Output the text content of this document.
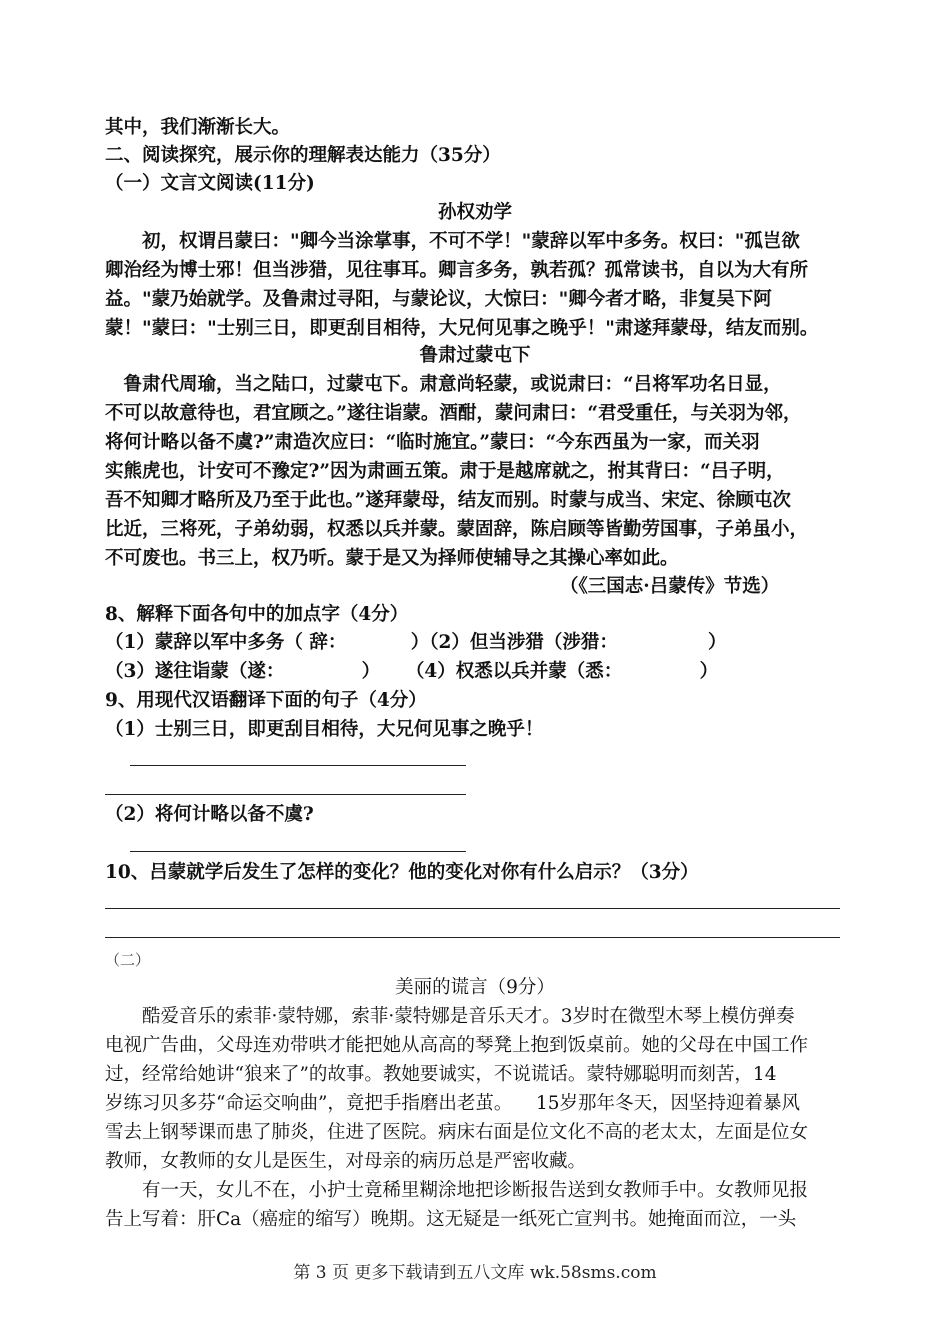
其中，我们渐渐长大。
二、阅读探究，展示你的理解表达能力（35分）
（一）文言文阅读(11分)
孙权劝学
　　初，权谓吕蒙曰："卿今当涂掌事，不可不学！"蒙辞以军中多务。权曰："孤岂欲
卿治经为博士邪！但当涉猎，见往事耳。卿言多务，孰若孤？孤常读书，自以为大有所
益。"蒙乃始就学。及鲁肃过寻阳，与蒙论议，大惊曰："卿今者才略，非复吴下阿
蒙！"蒙曰："士别三日，即更刮目相待，大兄何见事之晚乎！"肃遂拜蒙母，结友而别。
鲁肃过蒙屯下
　鲁肃代周瑜，当之陆口，过蒙屯下。肃意尚轻蒙，或说肃曰：“吕将军功名日显，
不可以故意待也，君宜顾之。”遂往诣蒙。酒酣，蒙问肃曰：“君受重任，与关羽为邻，
将何计略以备不虞?”肃造次应曰：“临时施宜。”蒙曰：“今东西虽为一家，而关羽
实熊虎也，计安可不豫定?”因为肃画五策。肃于是越席就之，拊其背曰：“吕子明，
吾不知卿才略所及乃至于此也。”遂拜蒙母，结友而别。时蒙与成当、宋定、徐顾屯次
比近，三将死，子弟幼弱，权悉以兵并蒙。蒙固辞，陈启顾等皆勤劳国事，子弟虽小，
不可废也。书三上，权乃听。蒙于是又为择师使辅导之其操心率如此。
（《三国志·吕蒙传》节选）
8、解释下面各句中的加点字（4分）
（1）蒙辞以军中多务（ 辞：          ）（2）但当涉猎（涉猎：              ）
（3）遂往诣蒙（遂：            ）    （4）权悉以兵并蒙（悉：            ）
9、用现代汉语翻译下面的句子（4分）
（1）士别三日，即更刮目相待，大兄何见事之晚乎！
（2）将何计略以备不虞?
10、吕蒙就学后发生了怎样的变化？他的变化对你有什么启示？（3分）
（二）
美丽的谎言（9分）
　　酷爱音乐的索菲·蒙特娜，索菲·蒙特娜是音乐天才。3岁时在微型木琴上模仿弹奏
电视广告曲，父母连劝带哄才能把她从高高的琴凳上抱到饭桌前。她的父母在中国工作
过，经常给她讲“狼来了”的故事。教她要诚实，不说谎话。蒙特娜聪明而刻苦，14
岁练习贝多芬“命运交响曲”，竟把手指磨出老茧。    15岁那年冬天，因坚持迎着暴风
雪去上钢琴课而患了肺炎，住进了医院。病床右面是位文化不高的老太太，左面是位女
教师，女教师的女儿是医生，对母亲的病历总是严密收藏。
　　有一天，女儿不在，小护士竟稀里糊涂地把诊断报告送到女教师手中。女教师见报
告上写着：肝Ca（癌症的缩写）晚期。这无疑是一纸死亡宣判书。她掩面而泣，一头
第 3 页 更多下载请到五八文库 wk.58sms.com
